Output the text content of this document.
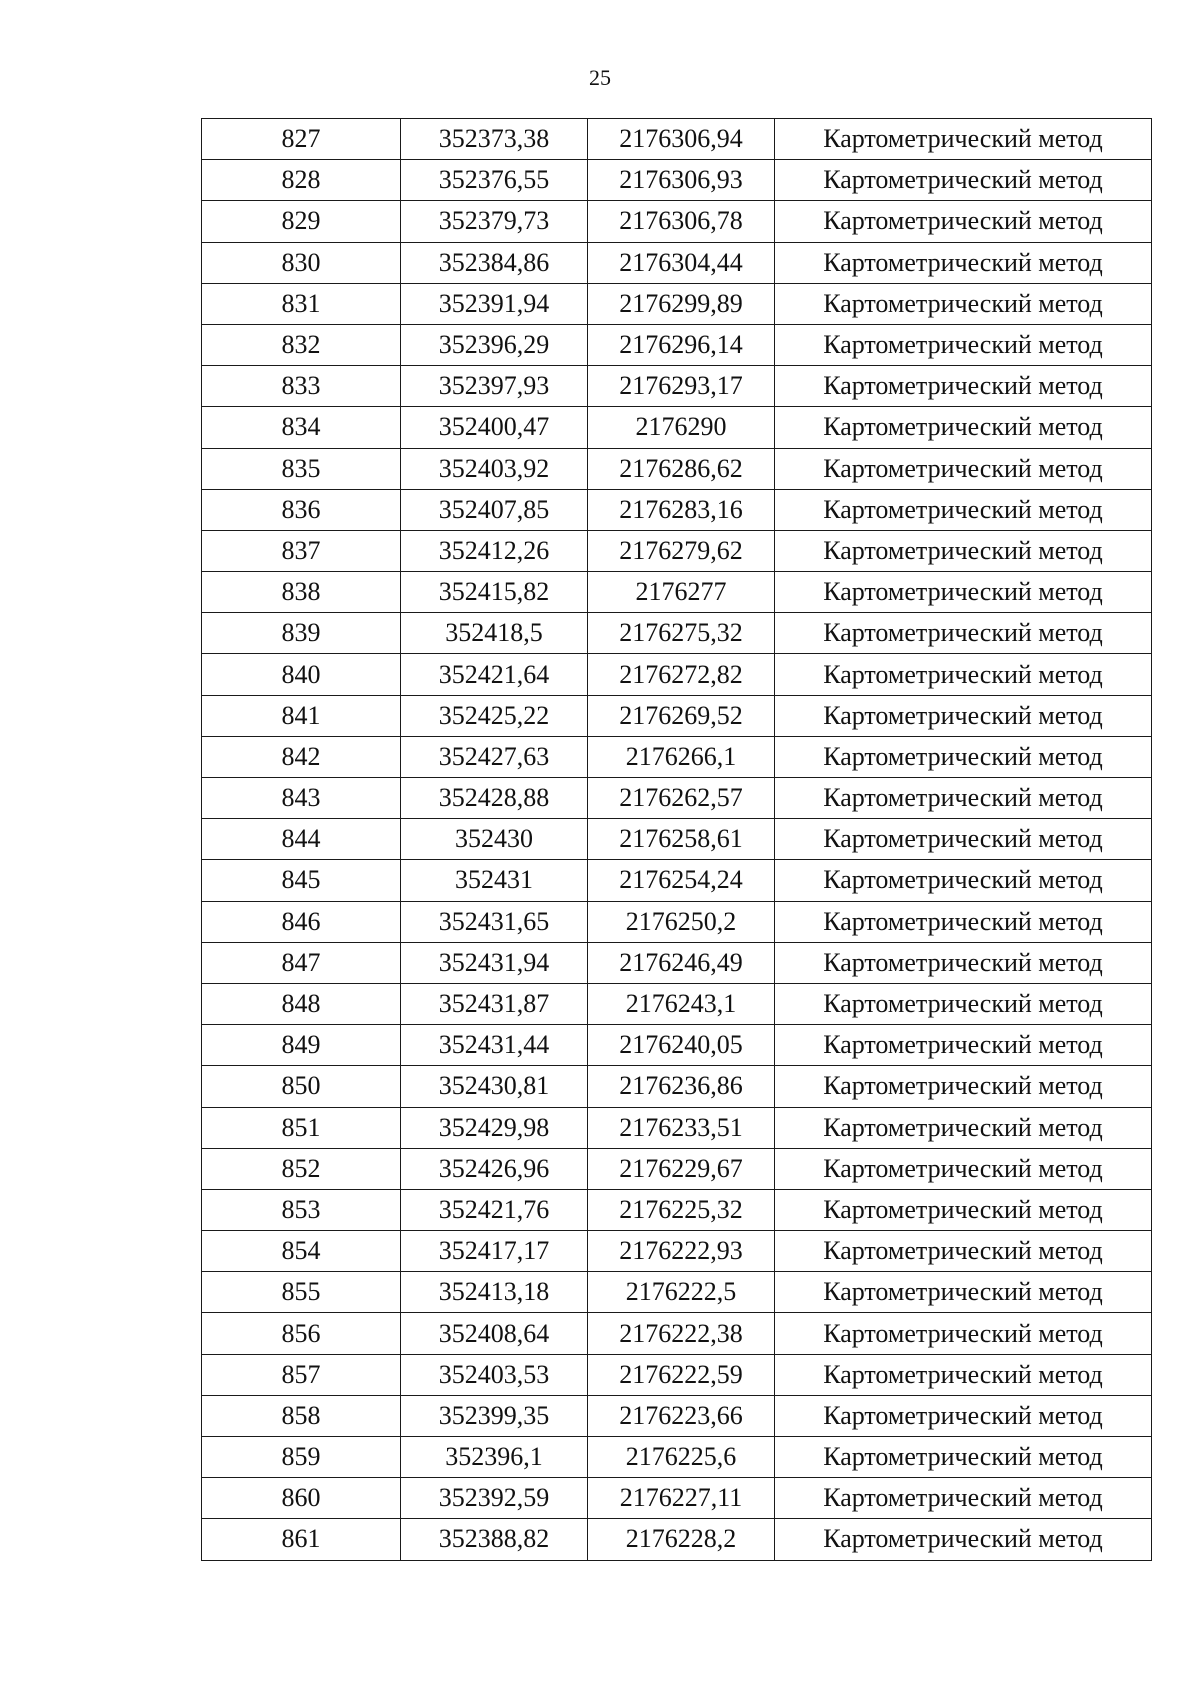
25
827	352373,38	2176306,94	Картометрический метод
828	352376,55	2176306,93	Картометрический метод
829	352379,73	2176306,78	Картометрический метод
830	352384,86	2176304,44	Картометрический метод
831	352391,94	2176299,89	Картометрический метод
832	352396,29	2176296,14	Картометрический метод
833	352397,93	2176293,17	Картометрический метод
834	352400,47	2176290	Картометрический метод
835	352403,92	2176286,62	Картометрический метод
836	352407,85	2176283,16	Картометрический метод
837	352412,26	2176279,62	Картометрический метод
838	352415,82	2176277	Картометрический метод
839	352418,5	2176275,32	Картометрический метод
840	352421,64	2176272,82	Картометрический метод
841	352425,22	2176269,52	Картометрический метод
842	352427,63	2176266,1	Картометрический метод
843	352428,88	2176262,57	Картометрический метод
844	352430	2176258,61	Картометрический метод
845	352431	2176254,24	Картометрический метод
846	352431,65	2176250,2	Картометрический метод
847	352431,94	2176246,49	Картометрический метод
848	352431,87	2176243,1	Картометрический метод
849	352431,44	2176240,05	Картометрический метод
850	352430,81	2176236,86	Картометрический метод
851	352429,98	2176233,51	Картометрический метод
852	352426,96	2176229,67	Картометрический метод
853	352421,76	2176225,32	Картометрический метод
854	352417,17	2176222,93	Картометрический метод
855	352413,18	2176222,5	Картометрический метод
856	352408,64	2176222,38	Картометрический метод
857	352403,53	2176222,59	Картометрический метод
858	352399,35	2176223,66	Картометрический метод
859	352396,1	2176225,6	Картометрический метод
860	352392,59	2176227,11	Картометрический метод
861	352388,82	2176228,2	Картометрический метод
